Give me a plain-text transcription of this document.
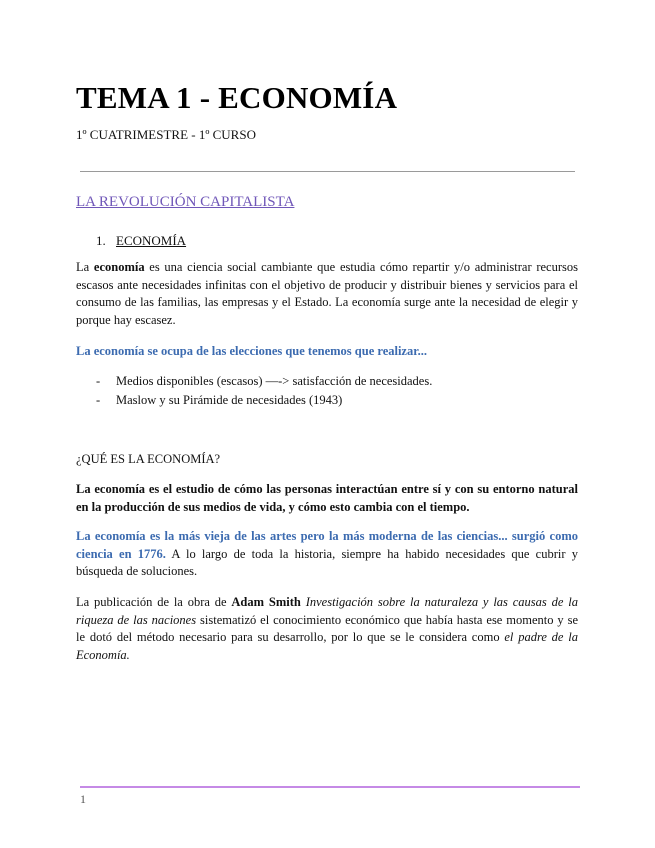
TEMA 1 - ECONOMÍA
1º CUATRIMESTRE - 1º CURSO
LA REVOLUCIÓN CAPITALISTA
1. ECONOMÍA

La economía es una ciencia social cambiante que estudia cómo repartir y/o administrar recursos escasos ante necesidades infinitas con el objetivo de producir y distribuir bienes y servicios para el consumo de las familias, las empresas y el Estado. La economía surge ante la necesidad de elegir y porque hay escasez.

La economía se ocupa de las elecciones que tenemos que realizar...

-	Medios disponibles (escasos) —-> satisfacción de necesidades.
-	Maslow y su Pirámide de necesidades (1943)

¿QUÉ ES LA ECONOMÍA?

La economía es el estudio de cómo las personas interactúan entre sí y con su entorno natural en la producción de sus medios de vida, y cómo esto cambia con el tiempo.

La economía es la más vieja de las artes pero la más moderna de las ciencias... surgió como ciencia en 1776. A lo largo de toda la historia, siempre ha habido necesidades que cubrir y búsqueda de soluciones.

La publicación de la obra de Adam Smith Investigación sobre la naturaleza y las causas de la riqueza de las naciones sistematizó el conocimiento económico que había hasta ese momento y se le dotó del método necesario para su desarrollo, por lo que se le considera como el padre de la Economía.

1
